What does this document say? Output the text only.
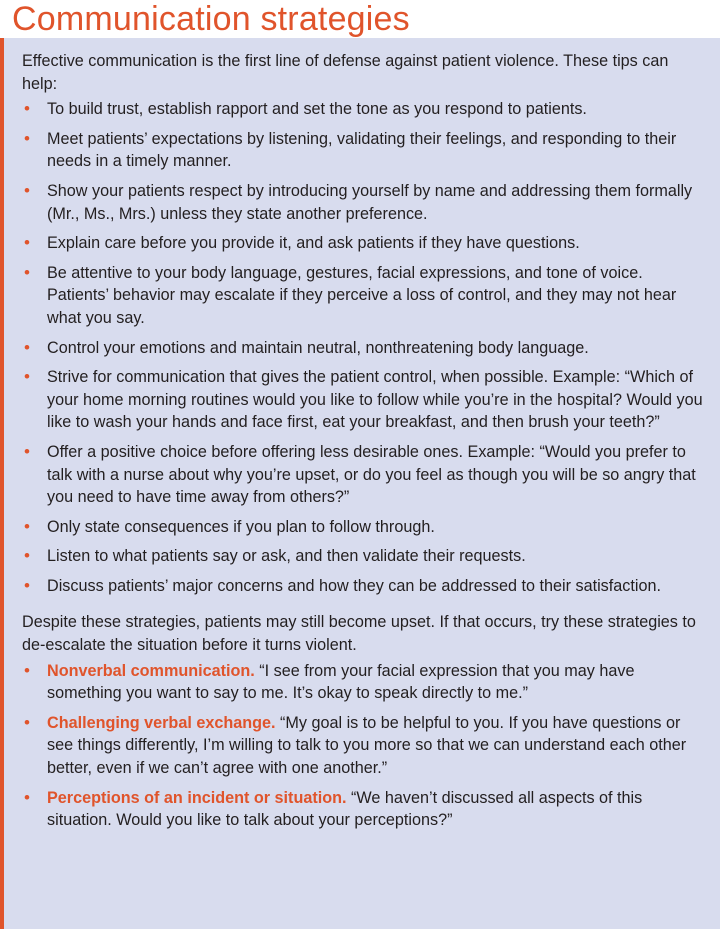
Communication strategies

Effective communication is the first line of defense against patient violence. These tips can help:

• To build trust, establish rapport and set the tone as you respond to patients.
• Meet patients’ expectations by listening, validating their feelings, and responding to their needs in a timely manner.
• Show your patients respect by introducing yourself by name and addressing them formally (Mr., Ms., Mrs.) unless they state another preference.
• Explain care before you provide it, and ask patients if they have questions.
• Be attentive to your body language, gestures, facial expressions, and tone of voice. Patients’ behavior may escalate if they perceive a loss of control, and they may not hear what you say.
• Control your emotions and maintain neutral, nonthreatening body language.
• Strive for communication that gives the patient control, when possible. Example: “Which of your home morning routines would you like to follow while you’re in the hospital? Would you like to wash your hands and face first, eat your breakfast, and then brush your teeth?”
• Offer a positive choice before offering less desirable ones. Example: “Would you prefer to talk with a nurse about why you’re upset, or do you feel as though you will be so angry that you need to have time away from others?”
• Only state consequences if you plan to follow through.
• Listen to what patients say or ask, and then validate their requests.
• Discuss patients’ major concerns and how they can be addressed to their satisfaction.

Despite these strategies, patients may still become upset. If that occurs, try these strategies to de-escalate the situation before it turns violent.

• Nonverbal communication. “I see from your facial expression that you may have something you want to say to me. It’s okay to speak directly to me.”
• Challenging verbal exchange. “My goal is to be helpful to you. If you have questions or see things differently, I’m willing to talk to you more so that we can understand each other better, even if we can’t agree with one another.”
• Perceptions of an incident or situation. “We haven’t discussed all aspects of this situation. Would you like to talk about your perceptions?”
